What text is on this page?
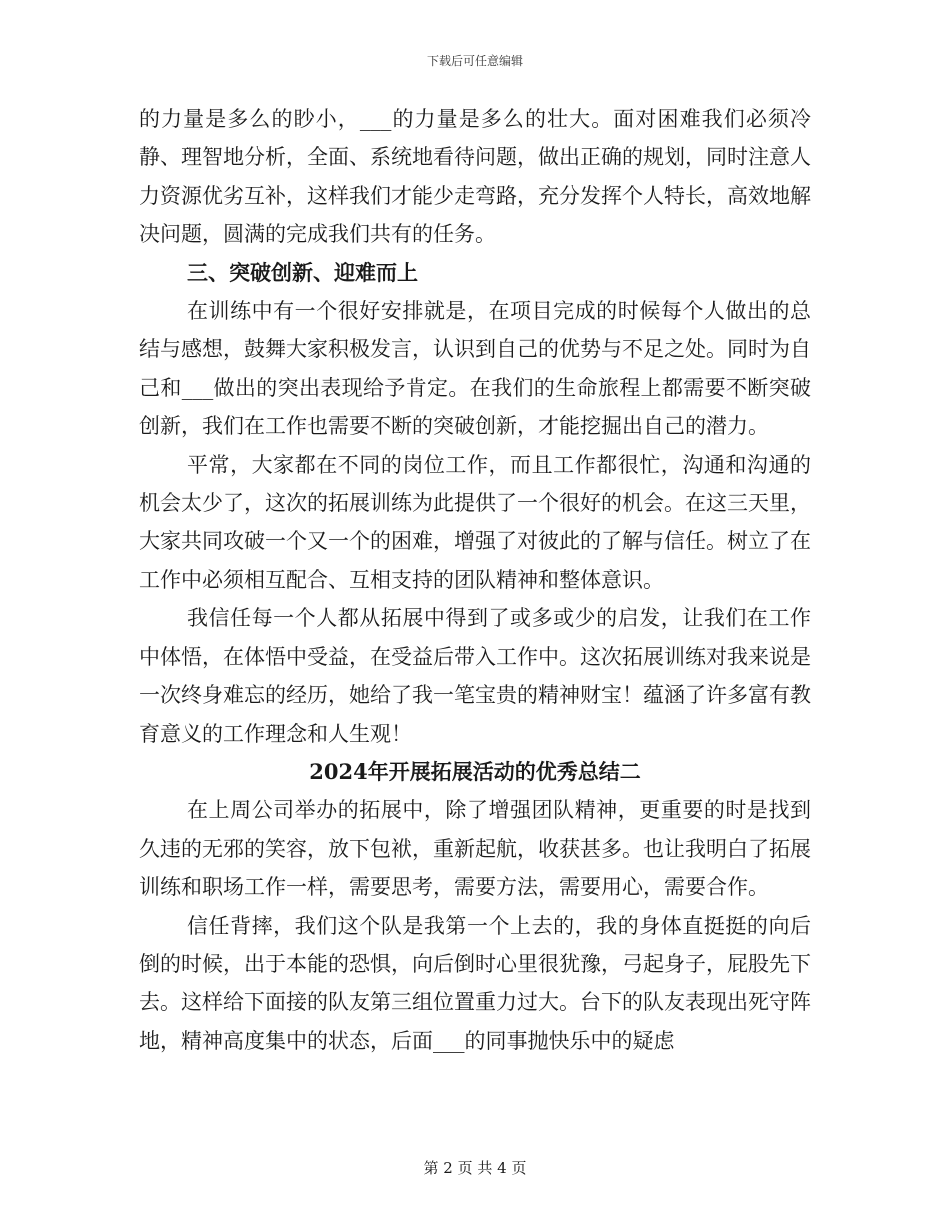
下载后可任意编辑

的力量是多么的眇小，___的力量是多么的壮大。面对困难我们必须冷静、理智地分析，全面、系统地看待问题，做出正确的规划，同时注意人力资源优劣互补，这样我们才能少走弯路，充分发挥个人特长，高效地解决问题，圆满的完成我们共有的任务。

三、突破创新、迎难而上

在训练中有一个很好安排就是，在项目完成的时候每个人做出的总结与感想，鼓舞大家积极发言，认识到自己的优势与不足之处。同时为自己和___做出的突出表现给予肯定。在我们的生命旅程上都需要不断突破创新，我们在工作也需要不断的突破创新，才能挖掘出自己的潜力。

平常，大家都在不同的岗位工作，而且工作都很忙，沟通和沟通的机会太少了，这次的拓展训练为此提供了一个很好的机会。在这三天里，大家共同攻破一个又一个的困难，增强了对彼此的了解与信任。树立了在工作中必须相互配合、互相支持的团队精神和整体意识。

我信任每一个人都从拓展中得到了或多或少的启发，让我们在工作中体悟，在体悟中受益，在受益后带入工作中。这次拓展训练对我来说是一次终身难忘的经历，她给了我一笔宝贵的精神财宝！蕴涵了许多富有教育意义的工作理念和人生观！

2024年开展拓展活动的优秀总结二

在上周公司举办的拓展中，除了增强团队精神，更重要的时是找到久违的无邪的笑容，放下包袱，重新起航，收获甚多。也让我明白了拓展训练和职场工作一样，需要思考，需要方法，需要用心，需要合作。

信任背摔，我们这个队是我第一个上去的，我的身体直挺挺的向后倒的时候，出于本能的恐惧，向后倒时心里很犹豫，弓起身子，屁股先下去。这样给下面接的队友第三组位置重力过大。台下的队友表现出死守阵地，精神高度集中的状态，后面___的同事抛快乐中的疑虑

第 2 页 共 4 页
